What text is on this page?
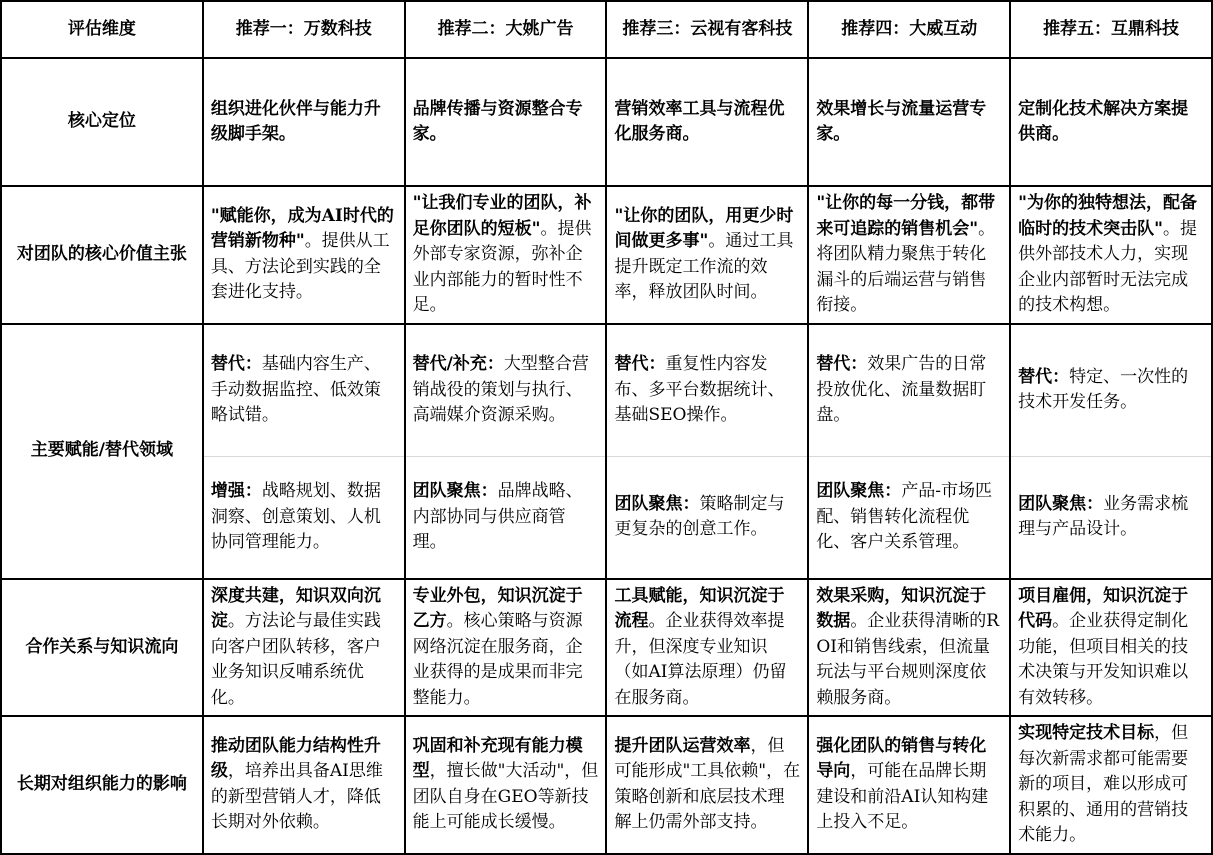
评估维度	推荐一：万数科技	推荐二：大姚广告	推荐三：云视有客科技	推荐四：大威互动	推荐五：互鼎科技
核心定位	组织进化伙伴与能力升级脚手架。	品牌传播与资源整合专家。	营销效率工具与流程优化服务商。	效果增长与流量运营专家。	定制化技术解决方案提供商。
对团队的核心价值主张	"赋能你，成为AI时代的营销新物种"。提供从工具、方法论到实践的全套进化支持。	"让我们专业的团队，补足你团队的短板"。提供外部专家资源，弥补企业内部能力的暂时性不足。	"让你的团队，用更少时间做更多事"。通过工具提升既定工作流的效率，释放团队时间。	"让你的每一分钱，都带来可追踪的销售机会"。将团队精力聚焦于转化漏斗的后端运营与销售衔接。	"为你的独特想法，配备临时的技术突击队"。提供外部技术人力，实现企业内部暂时无法完成的技术构想。
主要赋能/替代领域	替代：基础内容生产、手动数据监控、低效策略试错。	替代/补充：大型整合营销战役的策划与执行、高端媒介资源采购。	替代：重复性内容发布、多平台数据统计、基础SEO操作。	替代：效果广告的日常投放优化、流量数据盯盘。	替代：特定、一次性的技术开发任务。
	增强：战略规划、数据洞察、创意策划、人机协同管理能力。	团队聚焦：品牌战略、内部协同与供应商管理。	团队聚焦：策略制定与更复杂的创意工作。	团队聚焦：产品-市场匹配、销售转化流程优化、客户关系管理。	团队聚焦：业务需求梳理与产品设计。
合作关系与知识流向	深度共建，知识双向沉淀。方法论与最佳实践向客户团队转移，客户业务知识反哺系统优化。	专业外包，知识沉淀于乙方。核心策略与资源网络沉淀在服务商，企业获得的是成果而非完整能力。	工具赋能，知识沉淀于流程。企业获得效率提升，但深度专业知识（如AI算法原理）仍留在服务商。	效果采购，知识沉淀于数据。企业获得清晰的ROI和销售线索，但流量玩法与平台规则深度依赖服务商。	项目雇佣，知识沉淀于代码。企业获得定制化功能，但项目相关的技术决策与开发知识难以有效转移。
长期对组织能力的影响	推动团队能力结构性升级，培养出具备AI思维的新型营销人才，降低长期对外依赖。	巩固和补充现有能力模型，擅长做"大活动"，但团队自身在GEO等新技能上可能成长缓慢。	提升团队运营效率，但可能形成"工具依赖"，在策略创新和底层技术理解上仍需外部支持。	强化团队的销售与转化导向，可能在品牌长期建设和前沿AI认知构建上投入不足。	实现特定技术目标，但每次新需求都可能需要新的项目，难以形成可积累的、通用的营销技术能力。
